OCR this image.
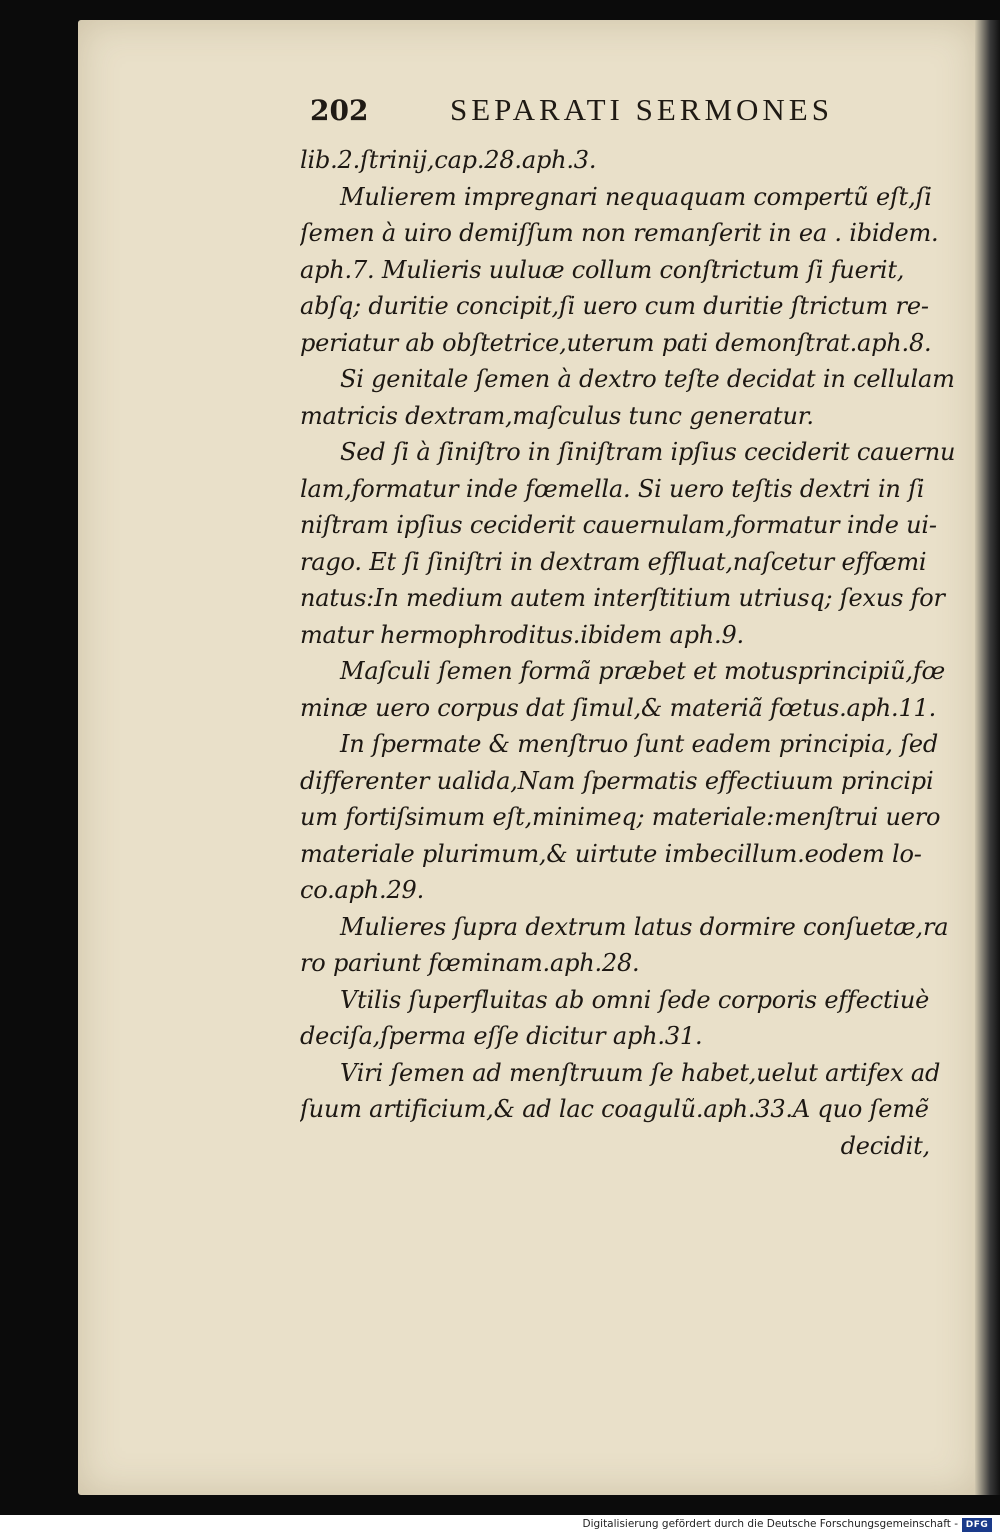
202	SEPARATI SERMONES
lib.2.ſtrinij,cap.28.aph.3.
Mulierem impregnari nequaquam compertũ eſt,ſi
ſemen à uiro demiſſum non remanſerit in ea . ibidem.
aph.7. Mulieris uuluæ collum conſtrictum ſi fuerit,
abſq; duritie concipit,ſi uero cum duritie ſtrictum re-
periatur ab obſtetrice,uterum pati demonſtrat.aph.8.
Si genitale ſemen à dextro teſte decidat in cellulam
matricis dextram,maſculus tunc generatur.
Sed ſi à ſiniſtro in ſiniſtram ipſius ceciderit cauernu
lam,formatur inde fœmella. Si uero teſtis dextri in ſi
niſtram ipſius ceciderit cauernulam,formatur inde ui-
rago. Et ſi ſiniſtri in dextram effluat,naſcetur effœmi
natus:In medium autem interſtitium utriusq; ſexus for
matur hermophroditus.ibidem aph.9.
Maſculi ſemen formã præbet et motusprincipiũ,fœ
minæ uero corpus dat ſimul,& materiã fœtus.aph.11.
In ſpermate & menſtruo ſunt eadem principia, ſed
differenter ualida,Nam ſpermatis effectiuum principi
um fortiſsimum eſt,minimeq; materiale:menſtrui uero
materiale plurimum,& uirtute imbecillum.eodem lo-
co.aph.29.
Mulieres ſupra dextrum latus dormire conſuetæ,ra
ro pariunt fœminam.aph.28.
Vtilis ſuperfluitas ab omni ſede corporis effectiuè
deciſa,ſperma eſſe dicitur aph.31.
Viri ſemen ad menſtruum ſe habet,uelut artifex ad
ſuum artificium,& ad lac coagulũ.aph.33.A quo ſemẽ
decidit,
Digitalisierung gefördert durch die Deutsche Forschungsgemeinschaft - DFG
